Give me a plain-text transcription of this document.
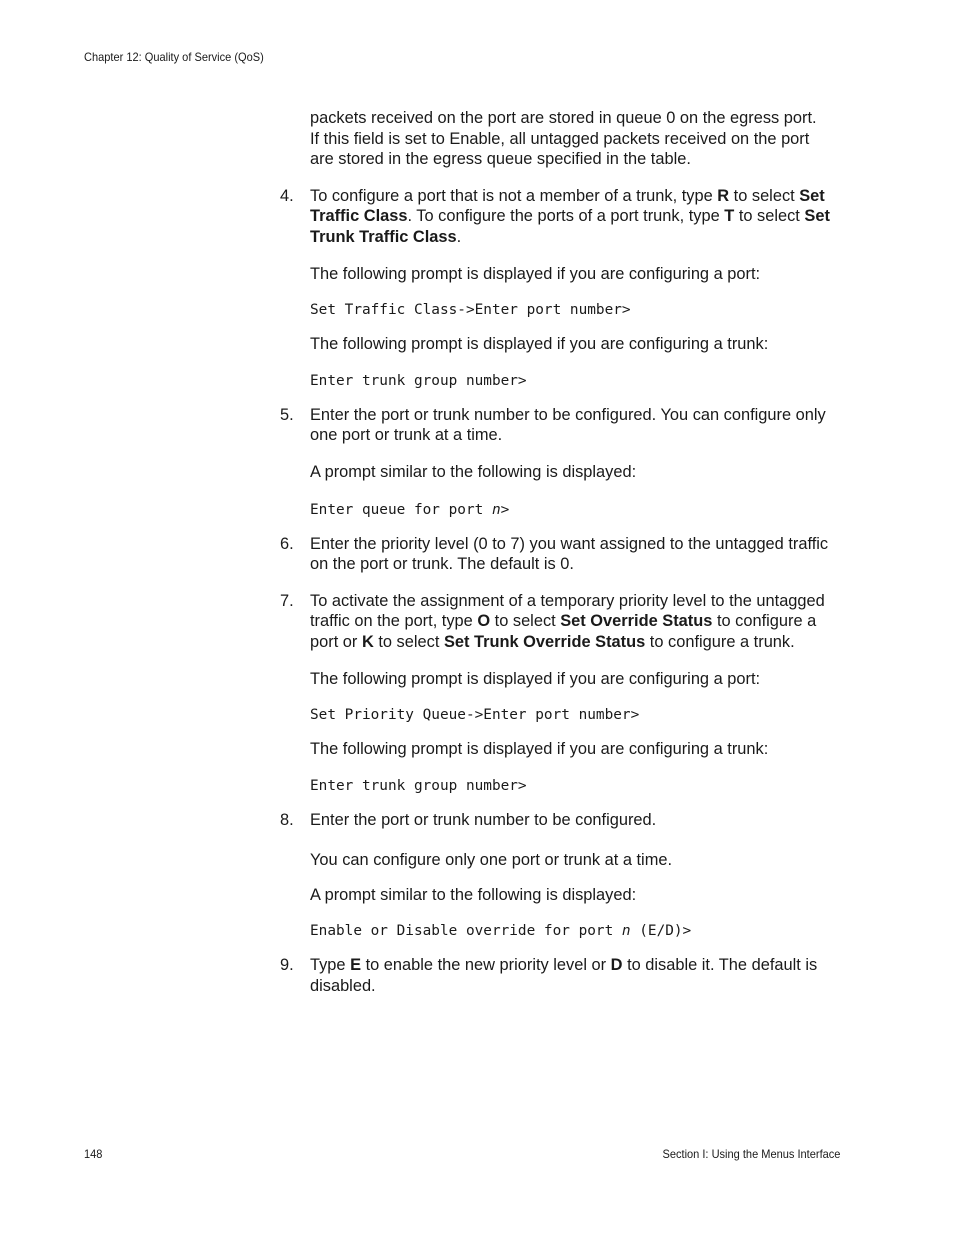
Chapter 12: Quality of Service (QoS)

packets received on the port are stored in queue 0 on the egress port.
If this field is set to Enable, all untagged packets received on the port
are stored in the egress queue specified in the table.

4. To configure a port that is not a member of a trunk, type R to select Set Traffic Class. To configure the ports of a port trunk, type T to select Set Trunk Traffic Class.

The following prompt is displayed if you are configuring a port:

Set Traffic Class->Enter port number>

The following prompt is displayed if you are configuring a trunk:

Enter trunk group number>
5. Enter the port or trunk number to be configured. You can configure only one port or trunk at a time.

A prompt similar to the following is displayed:

Enter queue for port n>
6. Enter the priority level (0 to 7) you want assigned to the untagged traffic on the port or trunk. The default is 0.
7. To activate the assignment of a temporary priority level to the untagged traffic on the port, type O to select Set Override Status to configure a port or K to select Set Trunk Override Status to configure a trunk.

The following prompt is displayed if you are configuring a port:

Set Priority Queue->Enter port number>

The following prompt is displayed if you are configuring a trunk:

Enter trunk group number>
8. Enter the port or trunk number to be configured.

You can configure only one port or trunk at a time.

A prompt similar to the following is displayed:

Enable or Disable override for port n (E/D)>
9. Type E to enable the new priority level or D to disable it. The default is disabled.
148	Section I: Using the Menus Interface
